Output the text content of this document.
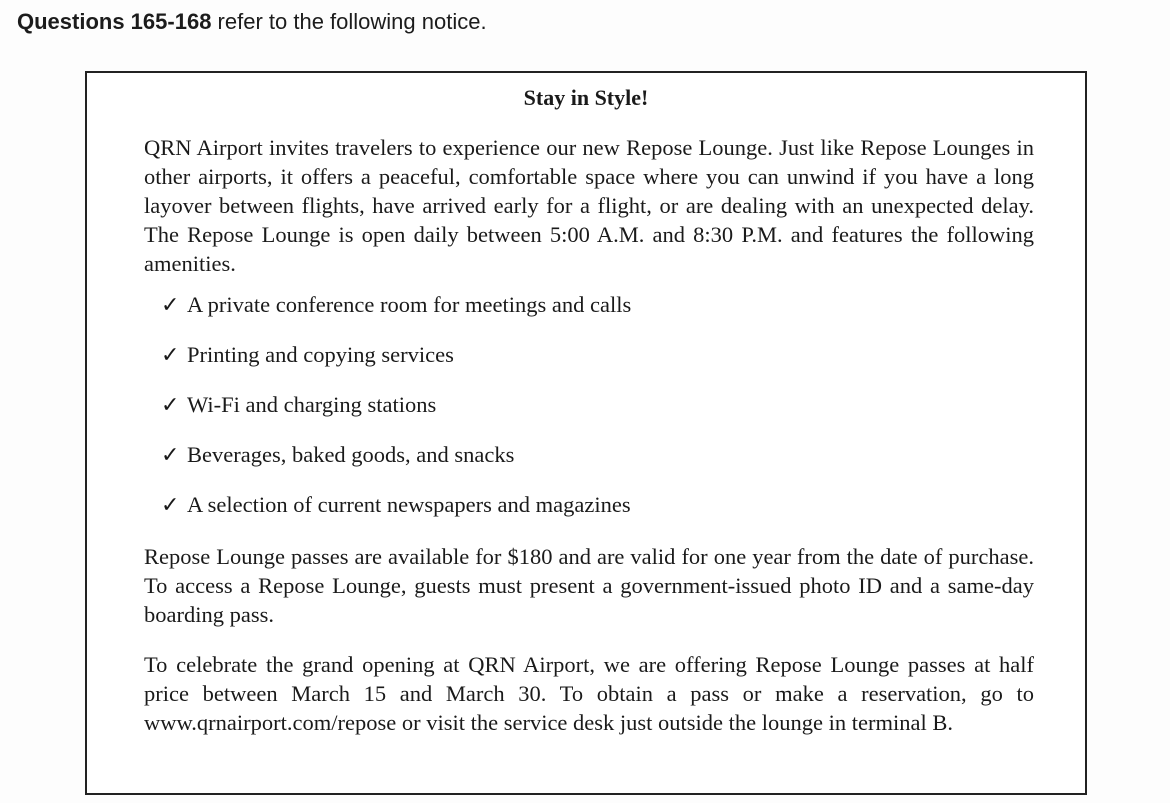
Questions 165-168 refer to the following notice.
Stay in Style!
QRN Airport invites travelers to experience our new Repose Lounge. Just like Repose Lounges in other airports, it offers a peaceful, comfortable space where you can unwind if you have a long layover between flights, have arrived early for a flight, or are dealing with an unexpected delay. The Repose Lounge is open daily between 5:00 A.M. and 8:30 P.M. and features the following amenities.
✓ A private conference room for meetings and calls
✓ Printing and copying services
✓ Wi-Fi and charging stations
✓ Beverages, baked goods, and snacks
✓ A selection of current newspapers and magazines
Repose Lounge passes are available for $180 and are valid for one year from the date of purchase. To access a Repose Lounge, guests must present a government-issued photo ID and a same-day boarding pass.
To celebrate the grand opening at QRN Airport, we are offering Repose Lounge passes at half price between March 15 and March 30. To obtain a pass or make a reservation, go to www.qrnairport.com/repose or visit the service desk just outside the lounge in terminal B.
